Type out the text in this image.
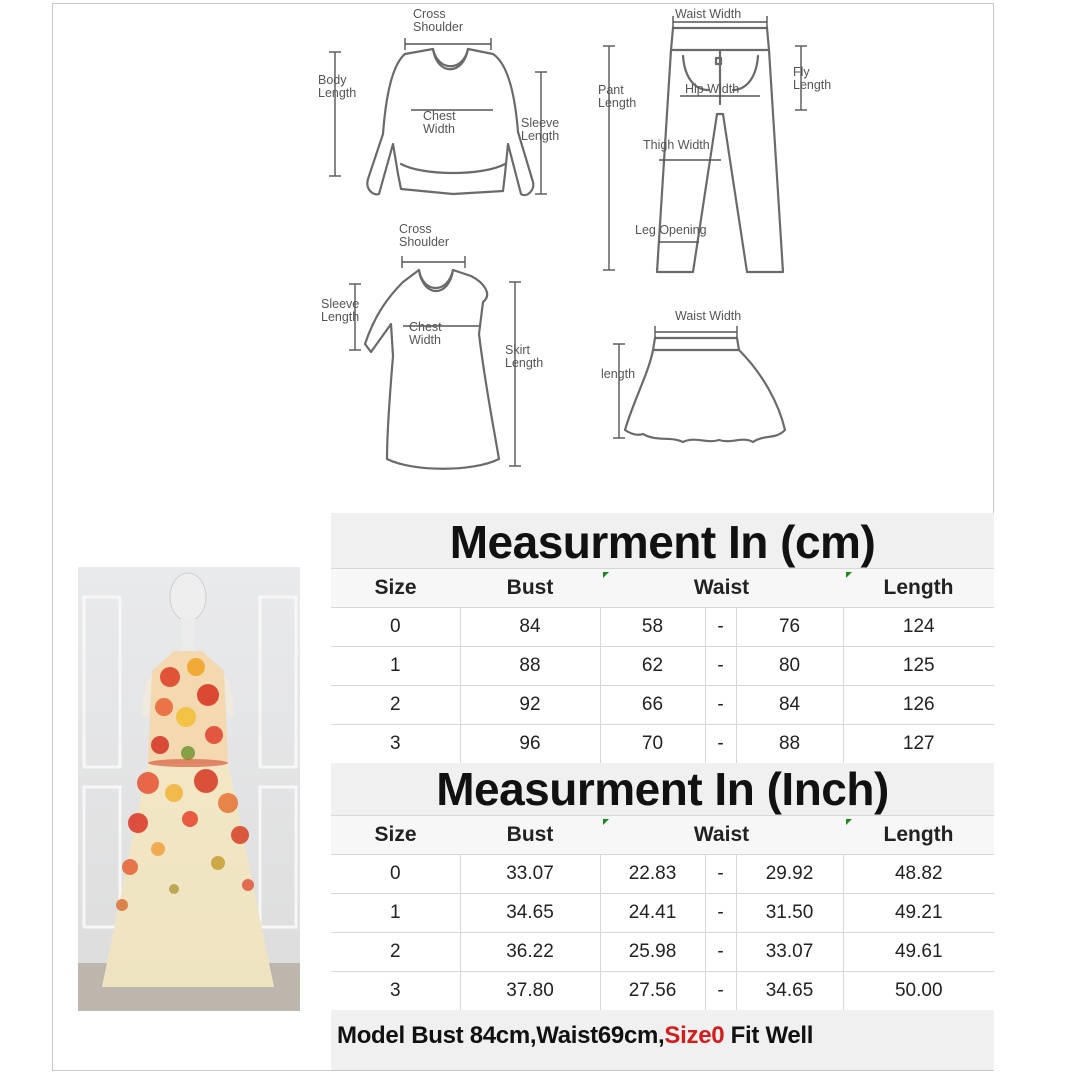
Cross Shoulder
Body Length
Chest Width	Sleeve Length
Waist Width
Pant Length
Hip Width
Fly Length
Thigh Width
Leg Opening
Cross Shoulder
Sleeve Length
Chest Width
Skirt Length
Waist Width
length
Measurment In (cm)
Size	Bust	Waist			Length
0	84	58	-	76	124
1	88	62	-	80	125
2	92	66	-	84	126
3	96	70	-	88	127
Measurment In (Inch)
Size	Bust	Waist			Length
0	33.07	22.83	-	29.92	48.82
1	34.65	24.41	-	31.50	49.21
2	36.22	25.98	-	33.07	49.61
3	37.80	27.56	-	34.65	50.00
Model Bust 84cm,Waist69cm,Size0 Fit Well
